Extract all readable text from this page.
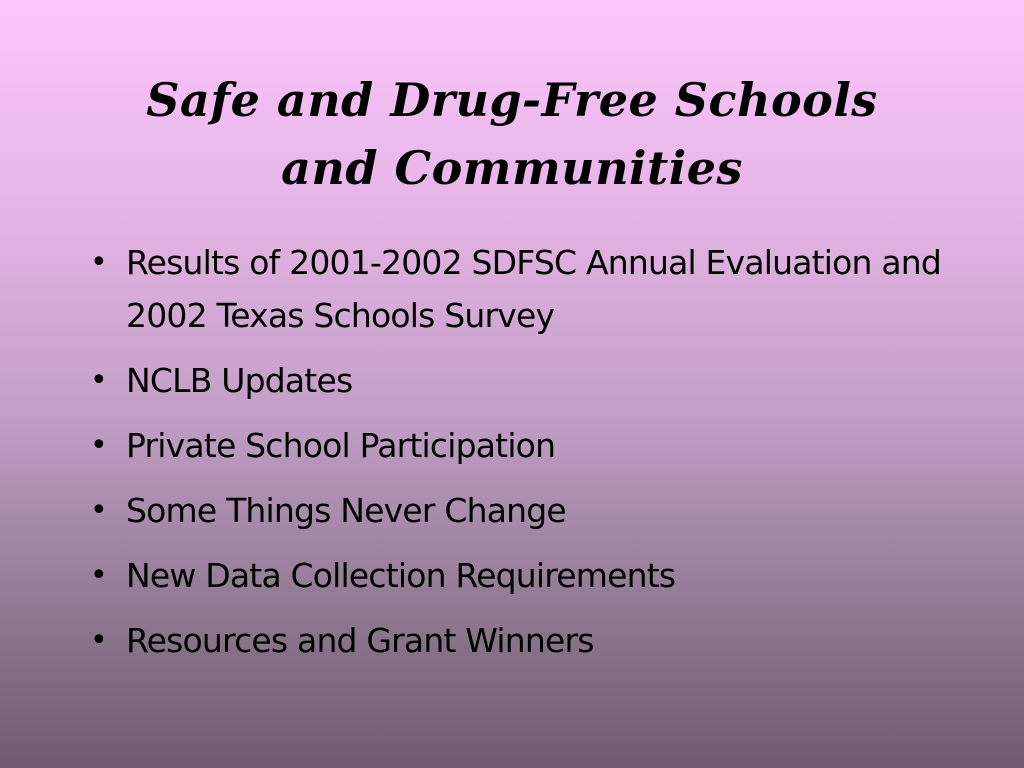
Safe and Drug-Free Schools
and Communities
• Results of 2001-2002 SDFSC Annual Evaluation and 2002 Texas Schools Survey
• NCLB Updates
• Private School Participation
• Some Things Never Change
• New Data Collection Requirements
• Resources and Grant Winners
